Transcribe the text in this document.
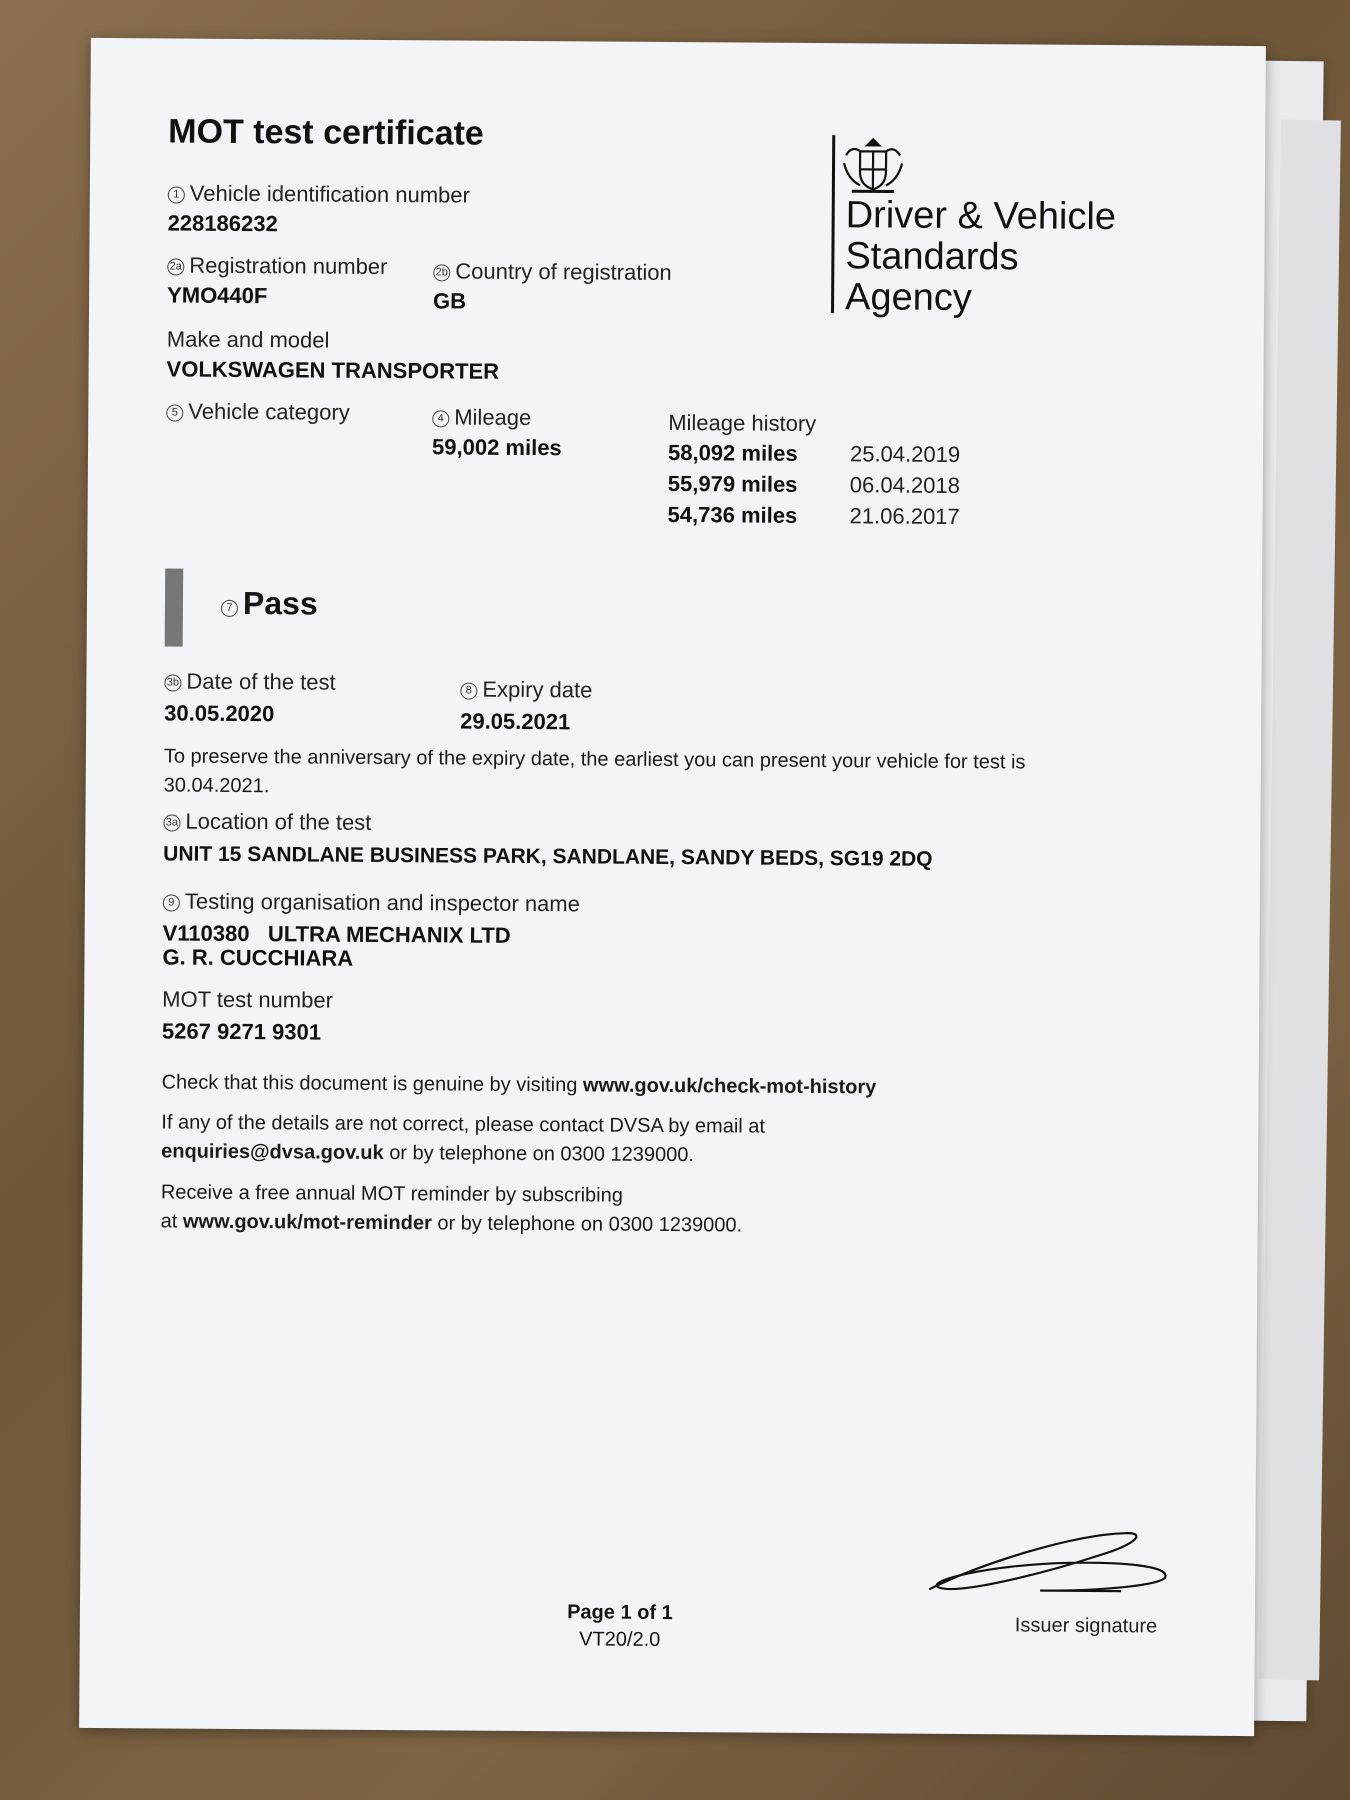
MOT test certificate
Driver & Vehicle
Standards
Agency
1 Vehicle identification number
228186232
2a Registration number
YMO440F
2b Country of registration
GB
Make and model
VOLKSWAGEN TRANSPORTER
5 Vehicle category	4 Mileage
59,002 miles
Mileage history
58,092 miles	25.04.2019
55,979 miles	06.04.2018
54,736 miles	21.06.2017
7 Pass
3b Date of the test
30.05.2020
8 Expiry date
29.05.2021
To preserve the anniversary of the expiry date, the earliest you can present your vehicle for test is
30.04.2021.
3a Location of the test
UNIT 15 SANDLANE BUSINESS PARK, SANDLANE, SANDY BEDS, SG19 2DQ
9 Testing organisation and inspector name
V110380 ULTRA MECHANIX LTD
G. R. CUCCHIARA
MOT test number
5267 9271 9301
Check that this document is genuine by visiting www.gov.uk/check-mot-history
If any of the details are not correct, please contact DVSA by email at
enquiries@dvsa.gov.uk or by telephone on 0300 1239000.
Receive a free annual MOT reminder by subscribing
at www.gov.uk/mot-reminder or by telephone on 0300 1239000.
Page 1 of 1
VT20/2.0
Issuer signature
